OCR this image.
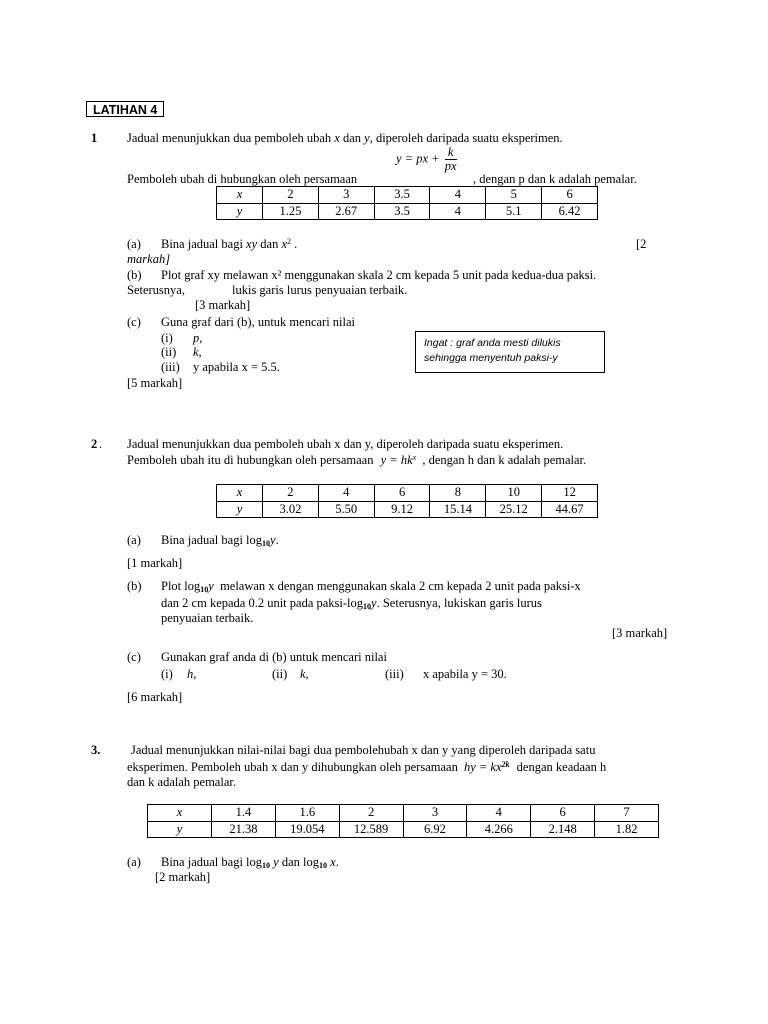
LATIHAN 4
1 Jadual menunjukkan dua pemboleh ubah x dan y, diperoleh daripada suatu eksperimen.
y = px + $\frac{k}{px}$
Pemboleh ubah di hubungkan oleh persamaan	, dengan p dan k adalah pemalar.
x	2	3	3.5	4	5	6
y	1.25	2.67	3.5	4	5.1	6.42
(a) Bina jadual bagi xy dan $x^2$ .	[2
markah]
(b) Plot graf xy melawan x² menggunakan skala 2 cm kepada 5 unit pada kedua-dua paksi.
Seterusnya,	lukis garis lurus penyuaian terbaik.
[3 markah]
(c) Guna graf dari (b), untuk mencari nilai
(i) p,
(ii) k,
(iii) y apabila x = 5.5.
[5 markah]
Ingat : graf anda mesti dilukis sehingga menyentuh paksi-y
2 . Jadual menunjukkan dua pemboleh ubah x dan y, diperoleh daripada suatu eksperimen.
Pemboleh ubah itu di hubungkan oleh persamaan $y = hk^x$ , dengan h dan k adalah pemalar.
x	2	4	6	8	10	12
y	3.02	5.50	9.12	15.14	25.12	44.67
(a) Bina jadual bagi $\log_{10}y$.
[1 markah]
(b) Plot $\log_{10}y$ melawan x dengan menggunakan skala 2 cm kepada 2 unit pada paksi-x
dan 2 cm kepada 0.2 unit pada paksi-$\log_{10}y$. Seterusnya, lukiskan garis lurus
penyuaian terbaik.
[3 markah]
(c) Gunakan graf anda di (b) untuk mencari nilai
(i) h,	(ii) k,	(iii) x apabila y = 30.
[6 markah]
3. Jadual menunjukkan nilai-nilai bagi dua pembolehubah x dan y yang diperoleh daripada satu
eksperimen. Pemboleh ubah x dan y dihubungkan oleh persamaan hy = $kx^{2k}$ dengan keadaan h
dan k adalah pemalar.
x	1.4	1.6	2	3	4	6	7
y	21.38	19.054	12.589	6.92	4.266	2.148	1.82
(a) Bina jadual bagi $\log_{10} y$ dan $\log_{10} x$.
[2 markah]
